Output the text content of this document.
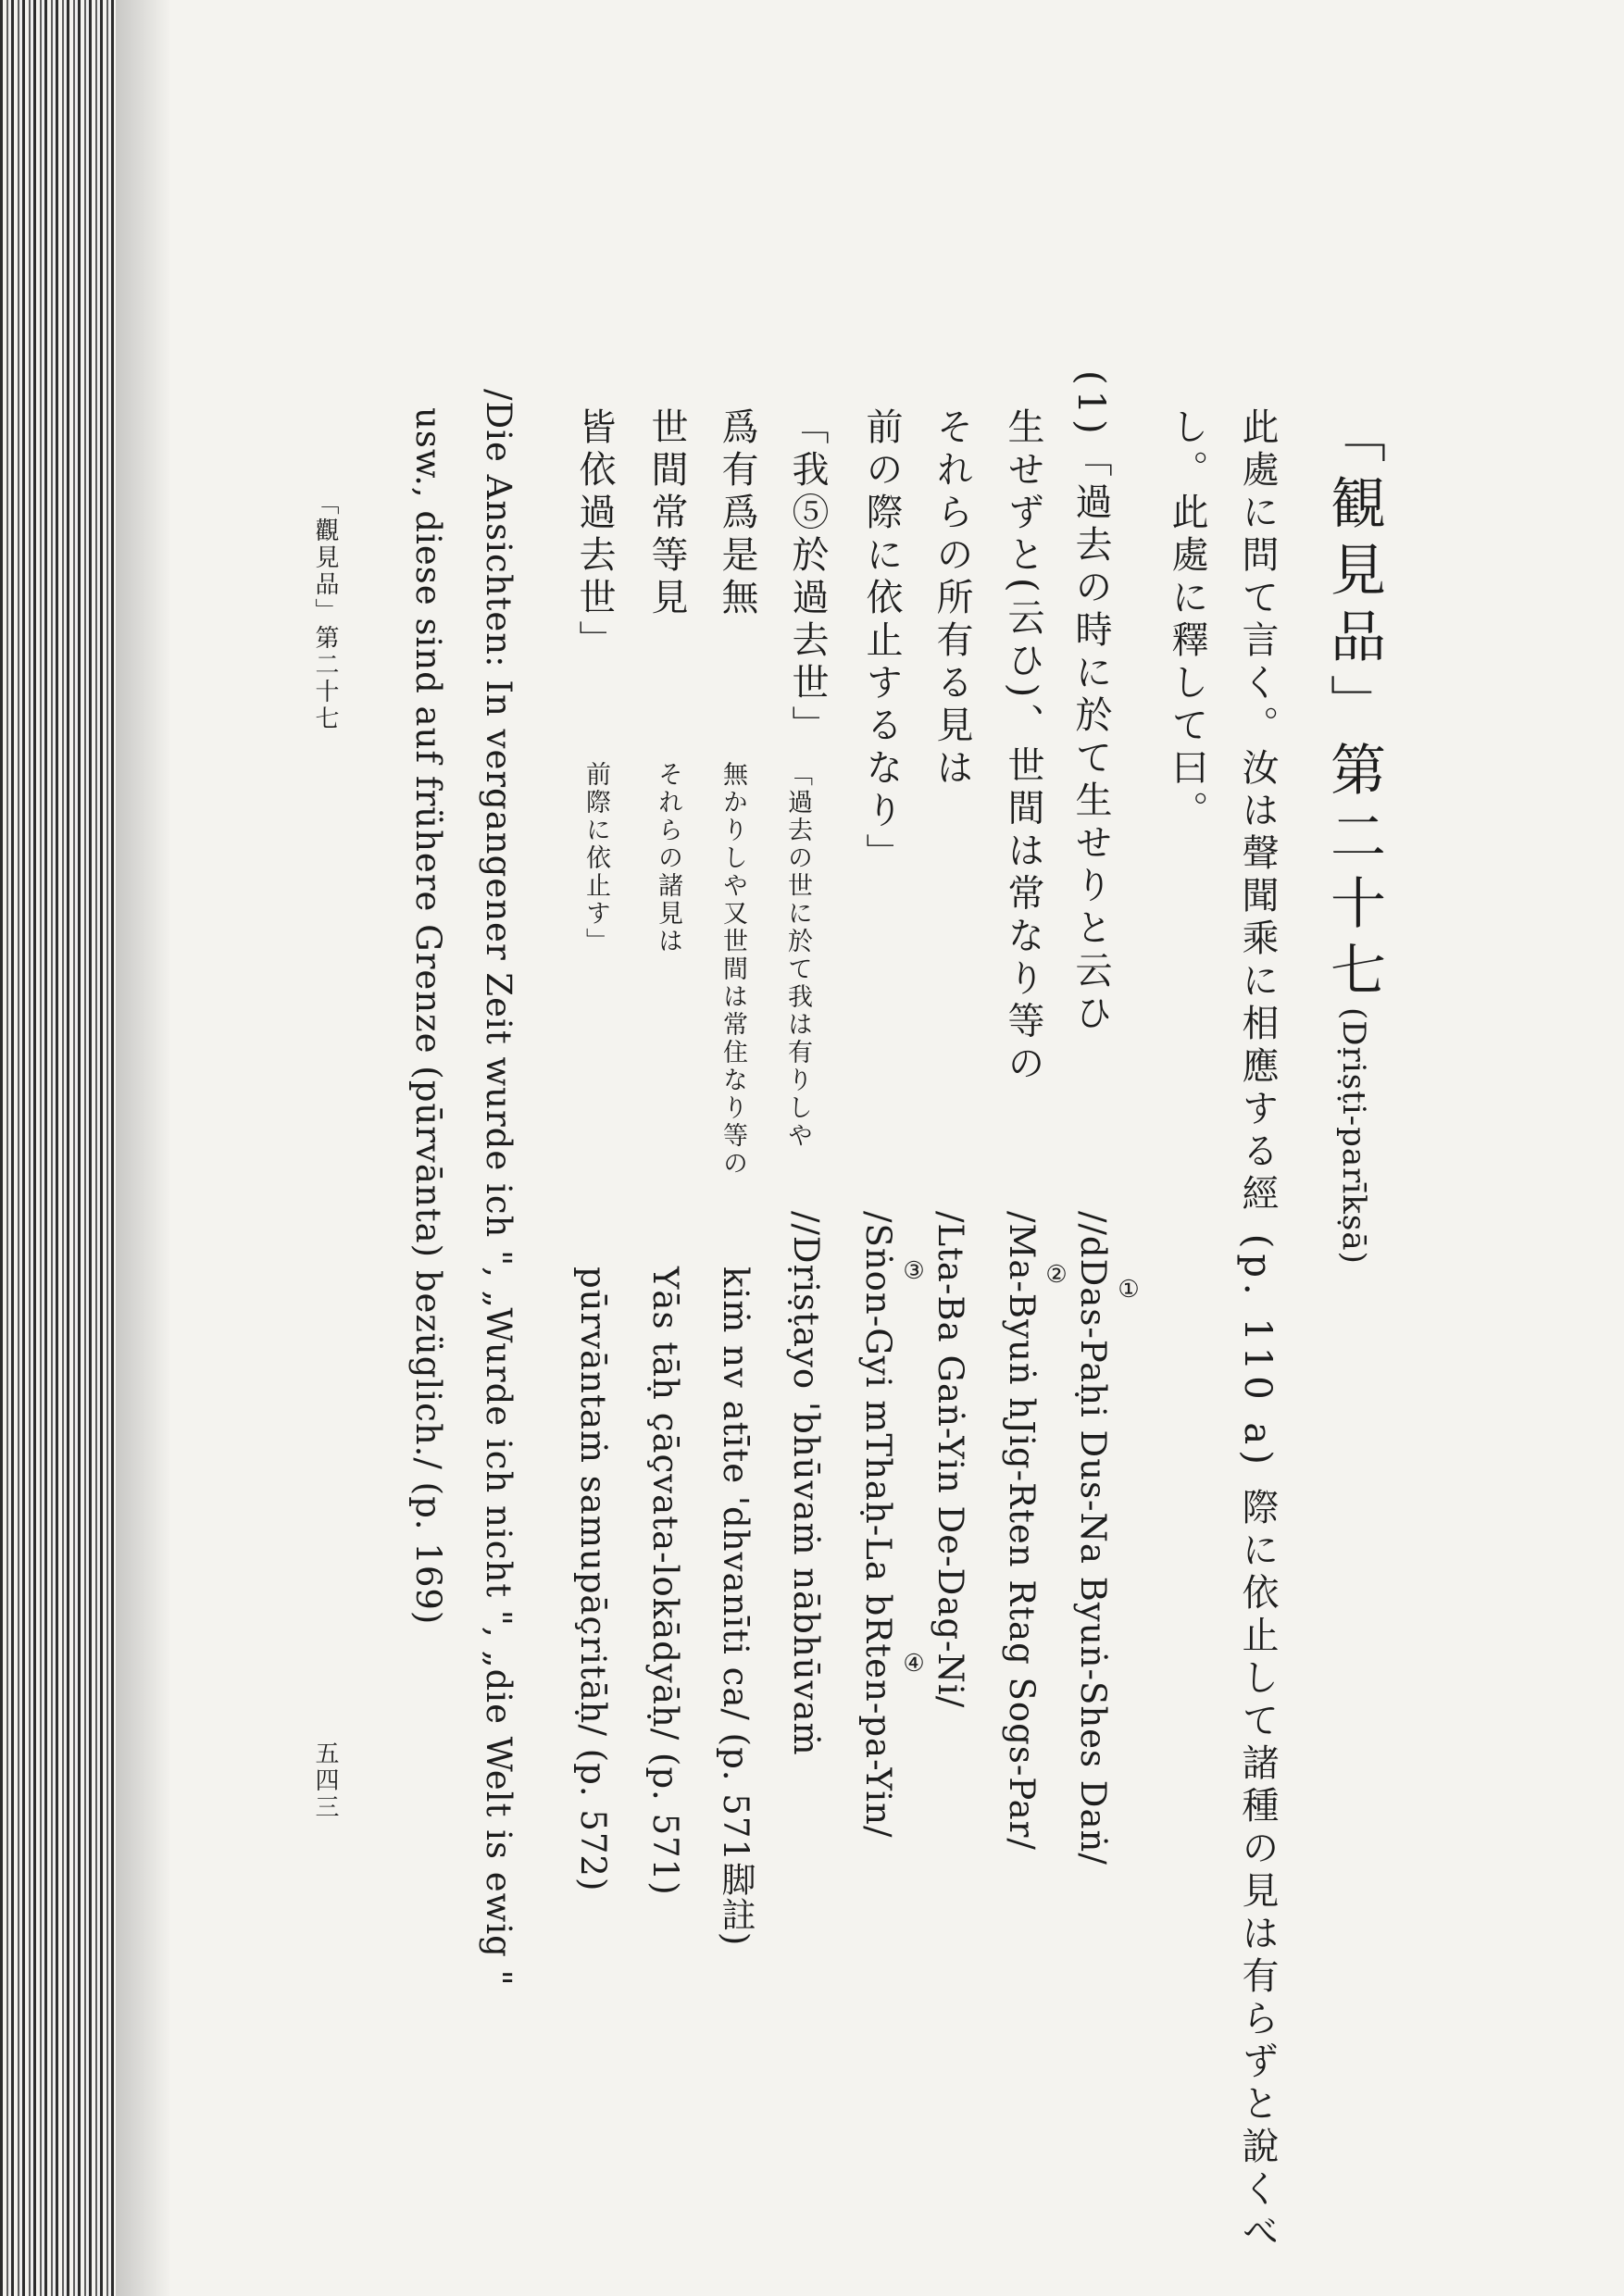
「観見品」第二十七(Dṛiṣṭi-parīkṣā)
此處に問て言く。汝は聲聞乘に相應する經 (p. 110 a) 際に依止して諸種の見は有らずと說くべ
し。此處に釋して曰。
(1)「過去の時に於て生せりと云ひ
生せずと(云ひ)、世間は常なり等の
それらの所有る見は
前の際に依止するなり」
「我⑤於過去世」
爲有爲是無
世間常等見
皆依過去世」
「過去の世に於て我は有りしや
無かりしや又世間は常住なり等の
それらの諸見は
前際に依止す」
//dDas-Paḥi Dus-Na Byuṅ-Shes Daṅ/
/Ma-Byuṅ hJig-Rten Rtag Sogs-Par/
/Lta-Ba Gaṅ-Yin De-Dag-Ni/
/Sṅon-Gyi mThaḥ-La bRten-pa-Yin/	①
②
③
④
//Dṛiṣṭayo 'bhūvaṁ nābhūvaṁ
kiṁ nv atīte 'dhvanīti ca/ (p. 571脚註)
Yās tāḥ çāçvata-lokādyāḥ/ (p. 571)
pūrvāntaṁ samupāçritāḥ/ (p. 572)
/Die Ansichten: In vergangener Zeit wurde ich ", „Wurde ich nicht ", „die Welt is ewig "
usw., diese sind auf frühere Grenze (pūrvānta) bezüglich./ (p. 169)
「觀見品」第二十七
五四三
